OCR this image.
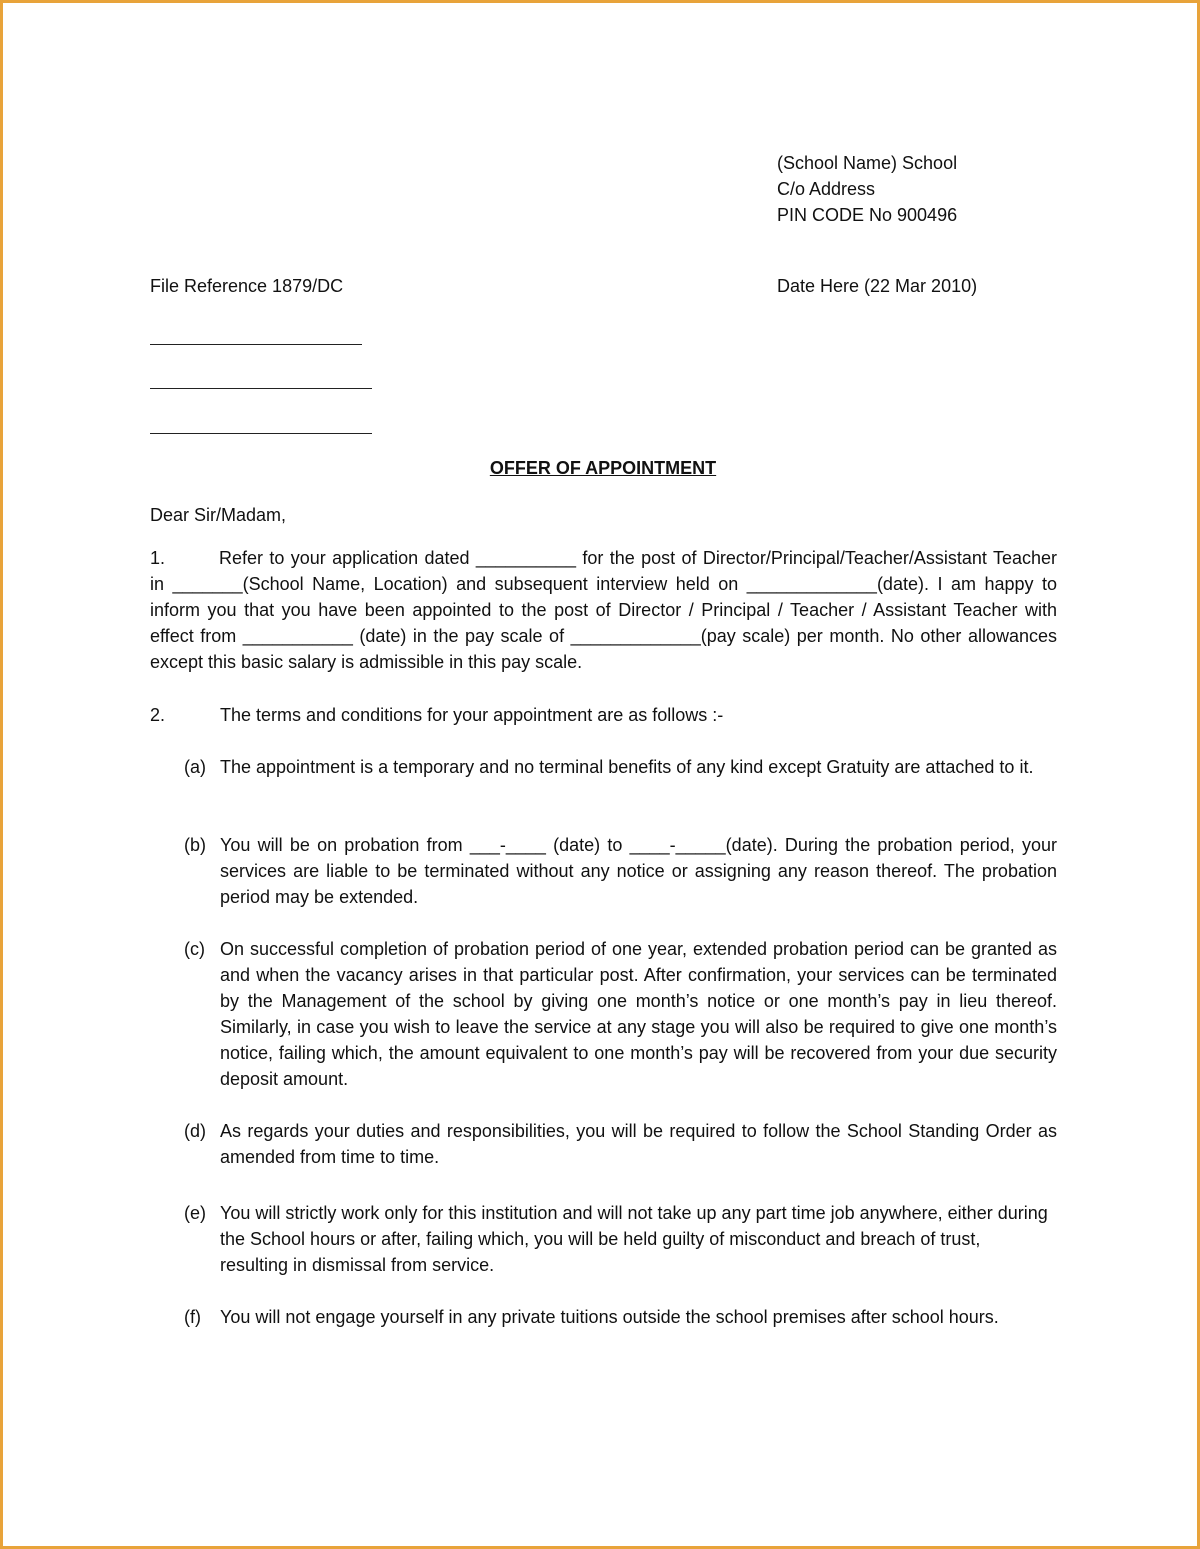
(School Name) School
C/o Address
PIN CODE No 900496
File Reference 1879/DC	Date Here (22 Mar 2010)
OFFER OF APPOINTMENT
Dear Sir/Madam,
1.	Refer to your application dated __________ for the post of Director/Principal/Teacher/Assistant Teacher in _______(School Name, Location) and subsequent interview held on _____________(date). I am happy to inform you that you have been appointed to the post of Director / Principal / Teacher / Assistant Teacher with effect from ___________ (date) in the pay scale of _____________(pay scale) per month. No other allowances except this basic salary is admissible in this pay scale.
2.	The terms and conditions for your appointment are as follows :-
(a) The appointment is a temporary and no terminal benefits of any kind except Gratuity are attached to it.
(b) You will be on probation from ___-____ (date) to ____-_____(date). During the probation period, your services are liable to be terminated without any notice or assigning any reason thereof. The probation period may be extended.
(c) On successful completion of probation period of one year, extended probation period can be granted as and when the vacancy arises in that particular post. After confirmation, your services can be terminated by the Management of the school by giving one month’s notice or one month’s pay in lieu thereof. Similarly, in case you wish to leave the service at any stage you will also be required to give one month’s notice, failing which, the amount equivalent to one month’s pay will be recovered from your due security deposit amount.
(d) As regards your duties and responsibilities, you will be required to follow the School Standing Order as amended from time to time.
(e) You will strictly work only for this institution and will not take up any part time job anywhere, either during the School hours or after, failing which, you will be held guilty of misconduct and breach of trust, resulting in dismissal from service.
(f) You will not engage yourself in any private tuitions outside the school premises after school hours.
